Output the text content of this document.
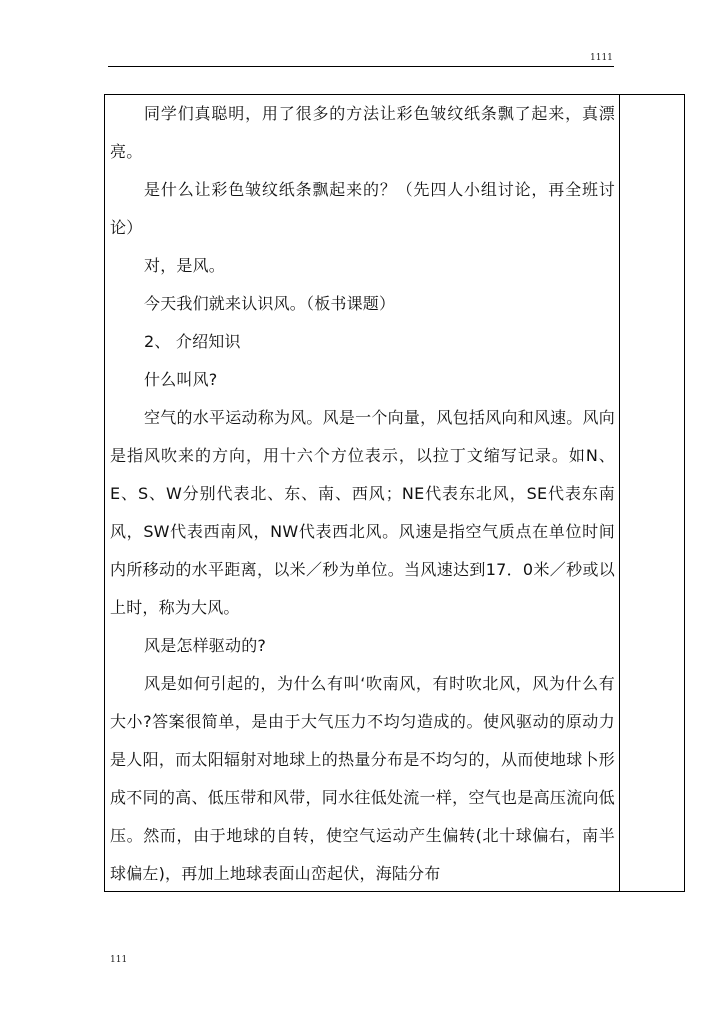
1111

同学们真聪明，用了很多的方法让彩色皱纹纸条飘了起来，真漂亮。

是什么让彩色皱纹纸条飘起来的？（先四人小组讨论，再全班讨论）

对，是风。

今天我们就来认识风。（板书课题）

2、 介绍知识

什么叫风?

空气的水平运动称为风。风是一个向量，风包括风向和风速。风向是指风吹来的方向，用十六个方位表示，以拉丁文缩写记录。如N、E、S、W分别代表北、东、南、西风；NE代表东北风，SE代表东南风，SW代表西南风，NW代表西北风。风速是指空气质点在单位时间内所移动的水平距离，以米／秒为单位。当风速达到17．0米／秒或以上时，称为大风。

风是怎样驱动的?

风是如何引起的，为什么有叫‘吹南风，有时吹北风，风为什么有大小?答案很简单，是由于大气压力不均匀造成的。使风驱动的原动力是人阳，而太阳辐射对地球上的热量分布是不均匀的，从而使地球卜形成不同的高、低压带和风带，同水往低处流一样，空气也是高压流向低压。然而，由于地球的自转，使空气运动产生偏转(北十球偏右，南半球偏左)，再加上地球表面山峦起伏，海陆分布

111
